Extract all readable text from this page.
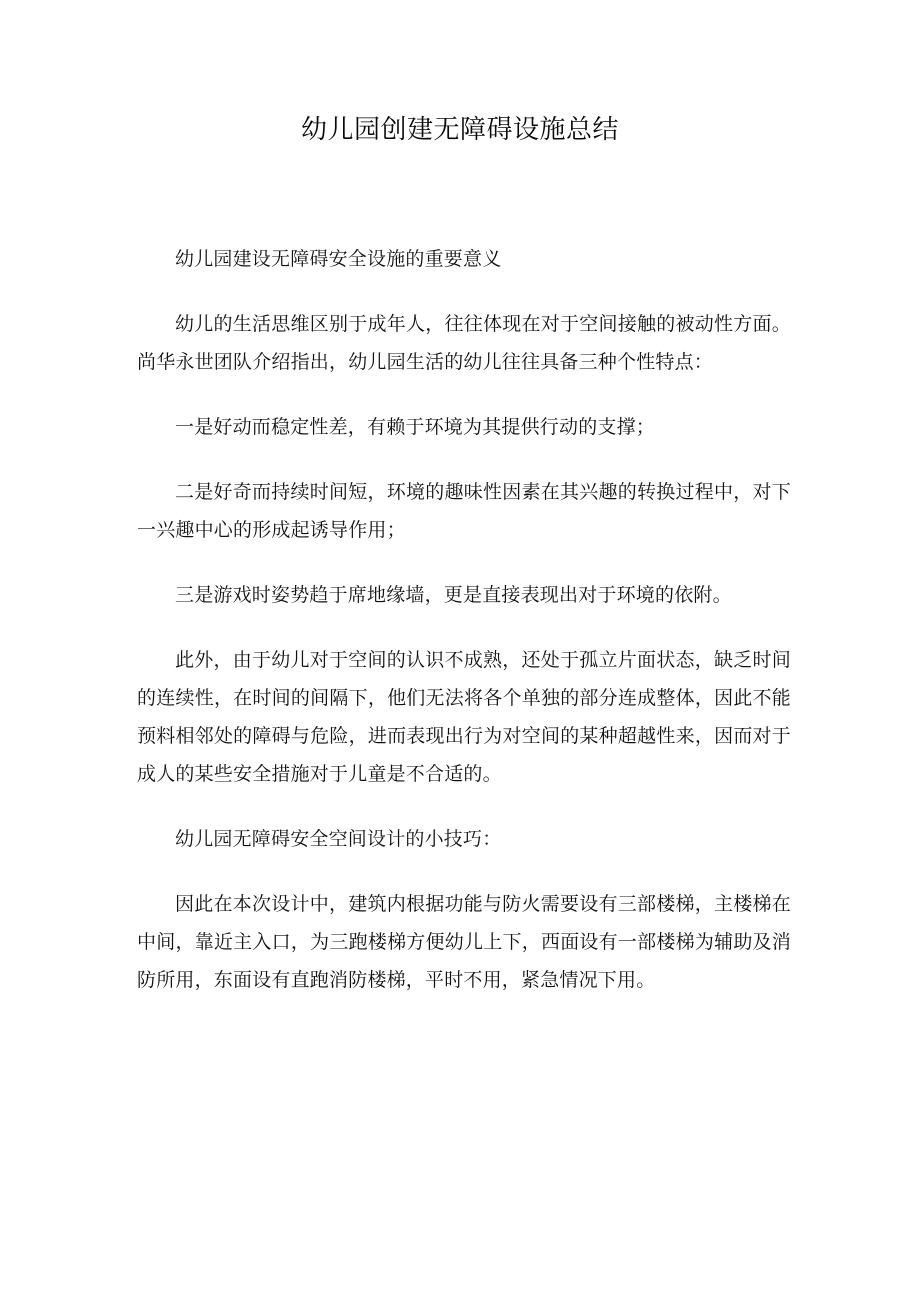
幼儿园创建无障碍设施总结

幼儿园建设无障碍安全设施的重要意义

幼儿的生活思维区别于成年人，往往体现在对于空间接触的被动性方面。尚华永世团队介绍指出，幼儿园生活的幼儿往往具备三种个性特点：

一是好动而稳定性差，有赖于环境为其提供行动的支撑；

二是好奇而持续时间短，环境的趣味性因素在其兴趣的转换过程中，对下一兴趣中心的形成起诱导作用；

三是游戏时姿势趋于席地缘墙，更是直接表现出对于环境的依附。

此外，由于幼儿对于空间的认识不成熟，还处于孤立片面状态，缺乏时间的连续性，在时间的间隔下，他们无法将各个单独的部分连成整体，因此不能预料相邻处的障碍与危险，进而表现出行为对空间的某种超越性来，因而对于成人的某些安全措施对于儿童是不合适的。

幼儿园无障碍安全空间设计的小技巧：

因此在本次设计中，建筑内根据功能与防火需要设有三部楼梯，主楼梯在中间，靠近主入口，为三跑楼梯方便幼儿上下，西面设有一部楼梯为辅助及消防所用，东面设有直跑消防楼梯，平时不用，紧急情况下用。
